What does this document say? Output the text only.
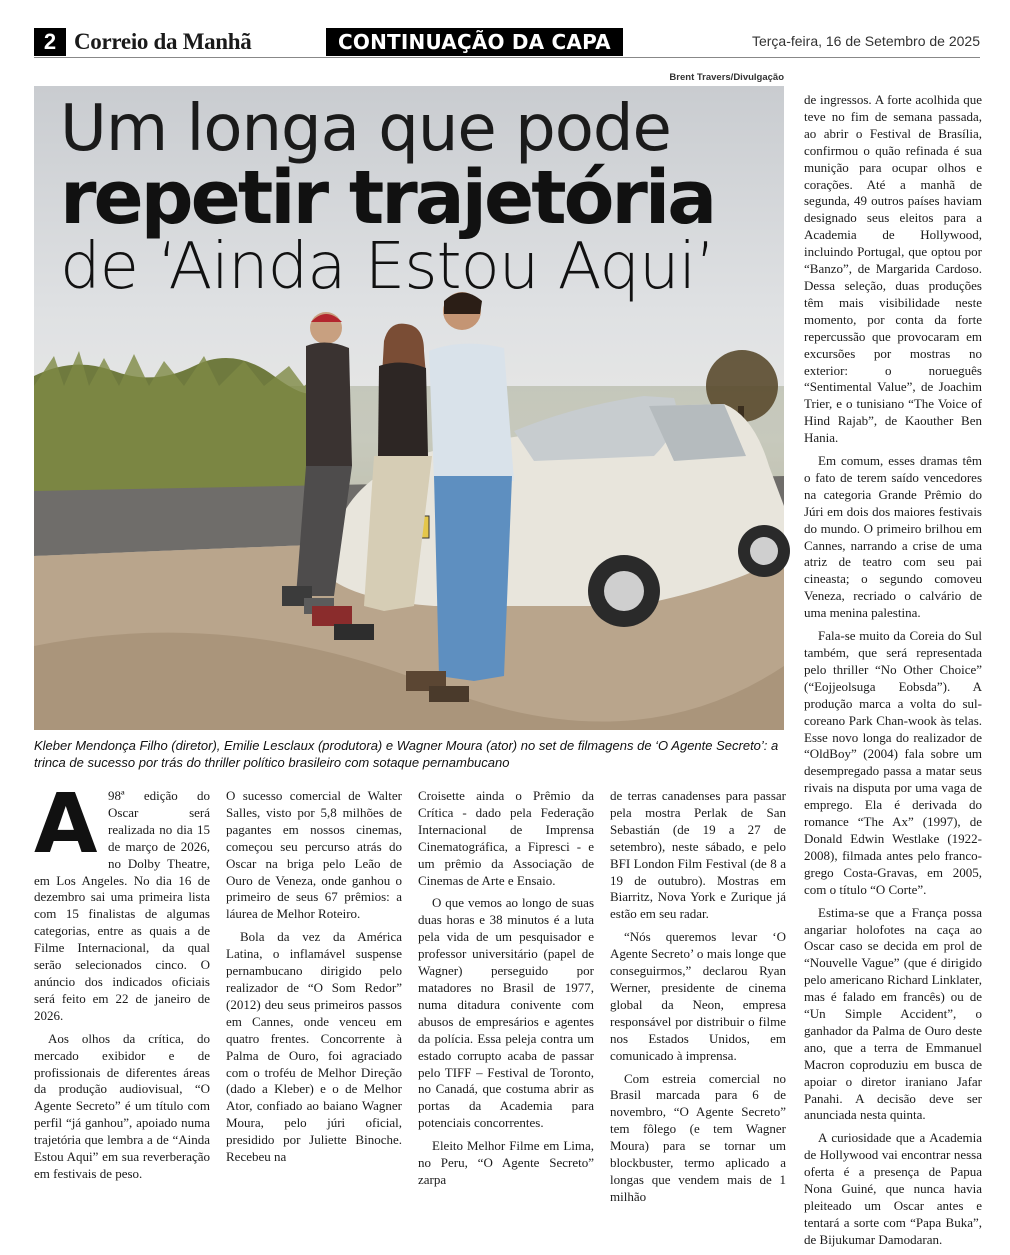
2 Correio da Manhã	CONTINUAÇÃO DA CAPA	Terça-feira, 16 de Setembro de 2025
Brent Travers/Divulgação
Um longa que pode
repetir trajetória
de ‘Ainda Estou Aqui’
Kleber Mendonça Filho (diretor), Emilie Lesclaux (produtora) e Wagner Moura (ator) no set de filmagens de ‘O Agente Secreto’: a trinca de sucesso por trás do thriller político brasileiro com sotaque pernambucano

A 98ª edição do Oscar será realizada no dia 15 de março de 2026, no Dolby Theatre, em Los Angeles. No dia 16 de dezembro sai uma primeira lista com 15 finalistas de algumas categorias, entre as quais a de Filme Internacional, da qual serão selecionados cinco. O anúncio dos indicados oficiais será feito em 22 de janeiro de 2026.

Aos olhos da crítica, do mercado exibidor e de profissionais de diferentes áreas da produção audiovisual, “O Agente Secreto” é um título com perfil “já ganhou”, apoiado numa trajetória que lembra a de “Ainda Estou Aqui” em sua reverberação em festivais de peso.

O sucesso comercial de Walter Salles, visto por 5,8 milhões de pagantes em nossos cinemas, começou seu percurso atrás do Oscar na briga pelo Leão de Ouro de Veneza, onde ganhou o primeiro de seus 67 prêmios: a láurea de Melhor Roteiro.

Bola da vez da América Latina, o inflamável suspense pernambucano dirigido pelo realizador de “O Som Redor” (2012) deu seus primeiros passos em Cannes, onde venceu em quatro frentes. Concorrente à Palma de Ouro, foi agraciado com o troféu de Melhor Direção (dado a Kleber) e o de Melhor Ator, confiado ao baiano Wagner Moura, pelo júri oficial, presidido por Juliette Binoche. Recebeu na

Croisette ainda o Prêmio da Crítica - dado pela Federação Internacional de Imprensa Cinematográfica, a Fipresci - e um prêmio da Associação de Cinemas de Arte e Ensaio.

O que vemos ao longo de suas duas horas e 38 minutos é a luta pela vida de um pesquisador e professor universitário (papel de Wagner) perseguido por matadores no Brasil de 1977, numa ditadura conivente com abusos de empresários e agentes da polícia. Essa peleja contra um estado corrupto acaba de passar pelo TIFF – Festival de Toronto, no Canadá, que costuma abrir as portas da Academia para potenciais concorrentes.

Eleito Melhor Filme em Lima, no Peru, “O Agente Secreto” zarpa

de terras canadenses para passar pela mostra Perlak de San Sebastián (de 19 a 27 de setembro), neste sábado, e pelo BFI London Film Festival (de 8 a 19 de outubro). Mostras em Biarritz, Nova York e Zurique já estão em seu radar.

“Nós queremos levar ‘O Agente Secreto’ o mais longe que conseguirmos,” declarou Ryan Werner, presidente de cinema global da Neon, empresa responsável por distribuir o filme nos Estados Unidos, em comunicado à imprensa.

Com estreia comercial no Brasil marcada para 6 de novembro, “O Agente Secreto” tem fôlego (e tem Wagner Moura) para se tornar um blockbuster, termo aplicado a longas que vendem mais de 1 milhão

de ingressos. A forte acolhida que teve no fim de semana passada, ao abrir o Festival de Brasília, confirmou o quão refinada é sua munição para ocupar olhos e corações. Até a manhã de segunda, 49 outros países haviam designado seus eleitos para a Academia de Hollywood, incluindo Portugal, que optou por “Banzo”, de Margarida Cardoso. Dessa seleção, duas produções têm mais visibilidade neste momento, por conta da forte repercussão que provocaram em excursões por mostras no exterior: o norueguês “Sentimental Value”, de Joachim Trier, e o tunisiano “The Voice of Hind Rajab”, de Kaouther Ben Hania.

Em comum, esses dramas têm o fato de terem saído vencedores na categoria Grande Prêmio do Júri em dois dos maiores festivais do mundo. O primeiro brilhou em Cannes, narrando a crise de uma atriz de teatro com seu pai cineasta; o segundo comoveu Veneza, recriado o calvário de uma menina palestina.

Fala-se muito da Coreia do Sul também, que será representada pelo thriller “No Other Choice” (“Eojjeolsuga Eobsda”). A produção marca a volta do sul-coreano Park Chan-wook às telas. Esse novo longa do realizador de “OldBoy” (2004) fala sobre um desempregado passa a matar seus rivais na disputa por uma vaga de emprego. Ela é derivada do romance “The Ax” (1997), de Donald Edwin Westlake (1922-2008), filmada antes pelo franco-grego Costa-Gravas, em 2005, com o título “O Corte”.

Estima-se que a França possa angariar holofotes na caça ao Oscar caso se decida em prol de “Nouvelle Vague” (que é dirigido pelo americano Richard Linklater, mas é falado em francês) ou de “Un Simple Accident”, o ganhador da Palma de Ouro deste ano, que a terra de Emmanuel Macron coproduziu em busca de apoiar o diretor iraniano Jafar Panahi. A decisão deve ser anunciada nesta quinta.

A curiosidade que a Academia de Hollywood vai encontrar nessa oferta é a presença de Papua Nona Guiné, que nunca havia pleiteado um Oscar antes e tentará a sorte com “Papa Buka”, de Bijukumar Damodaran.
